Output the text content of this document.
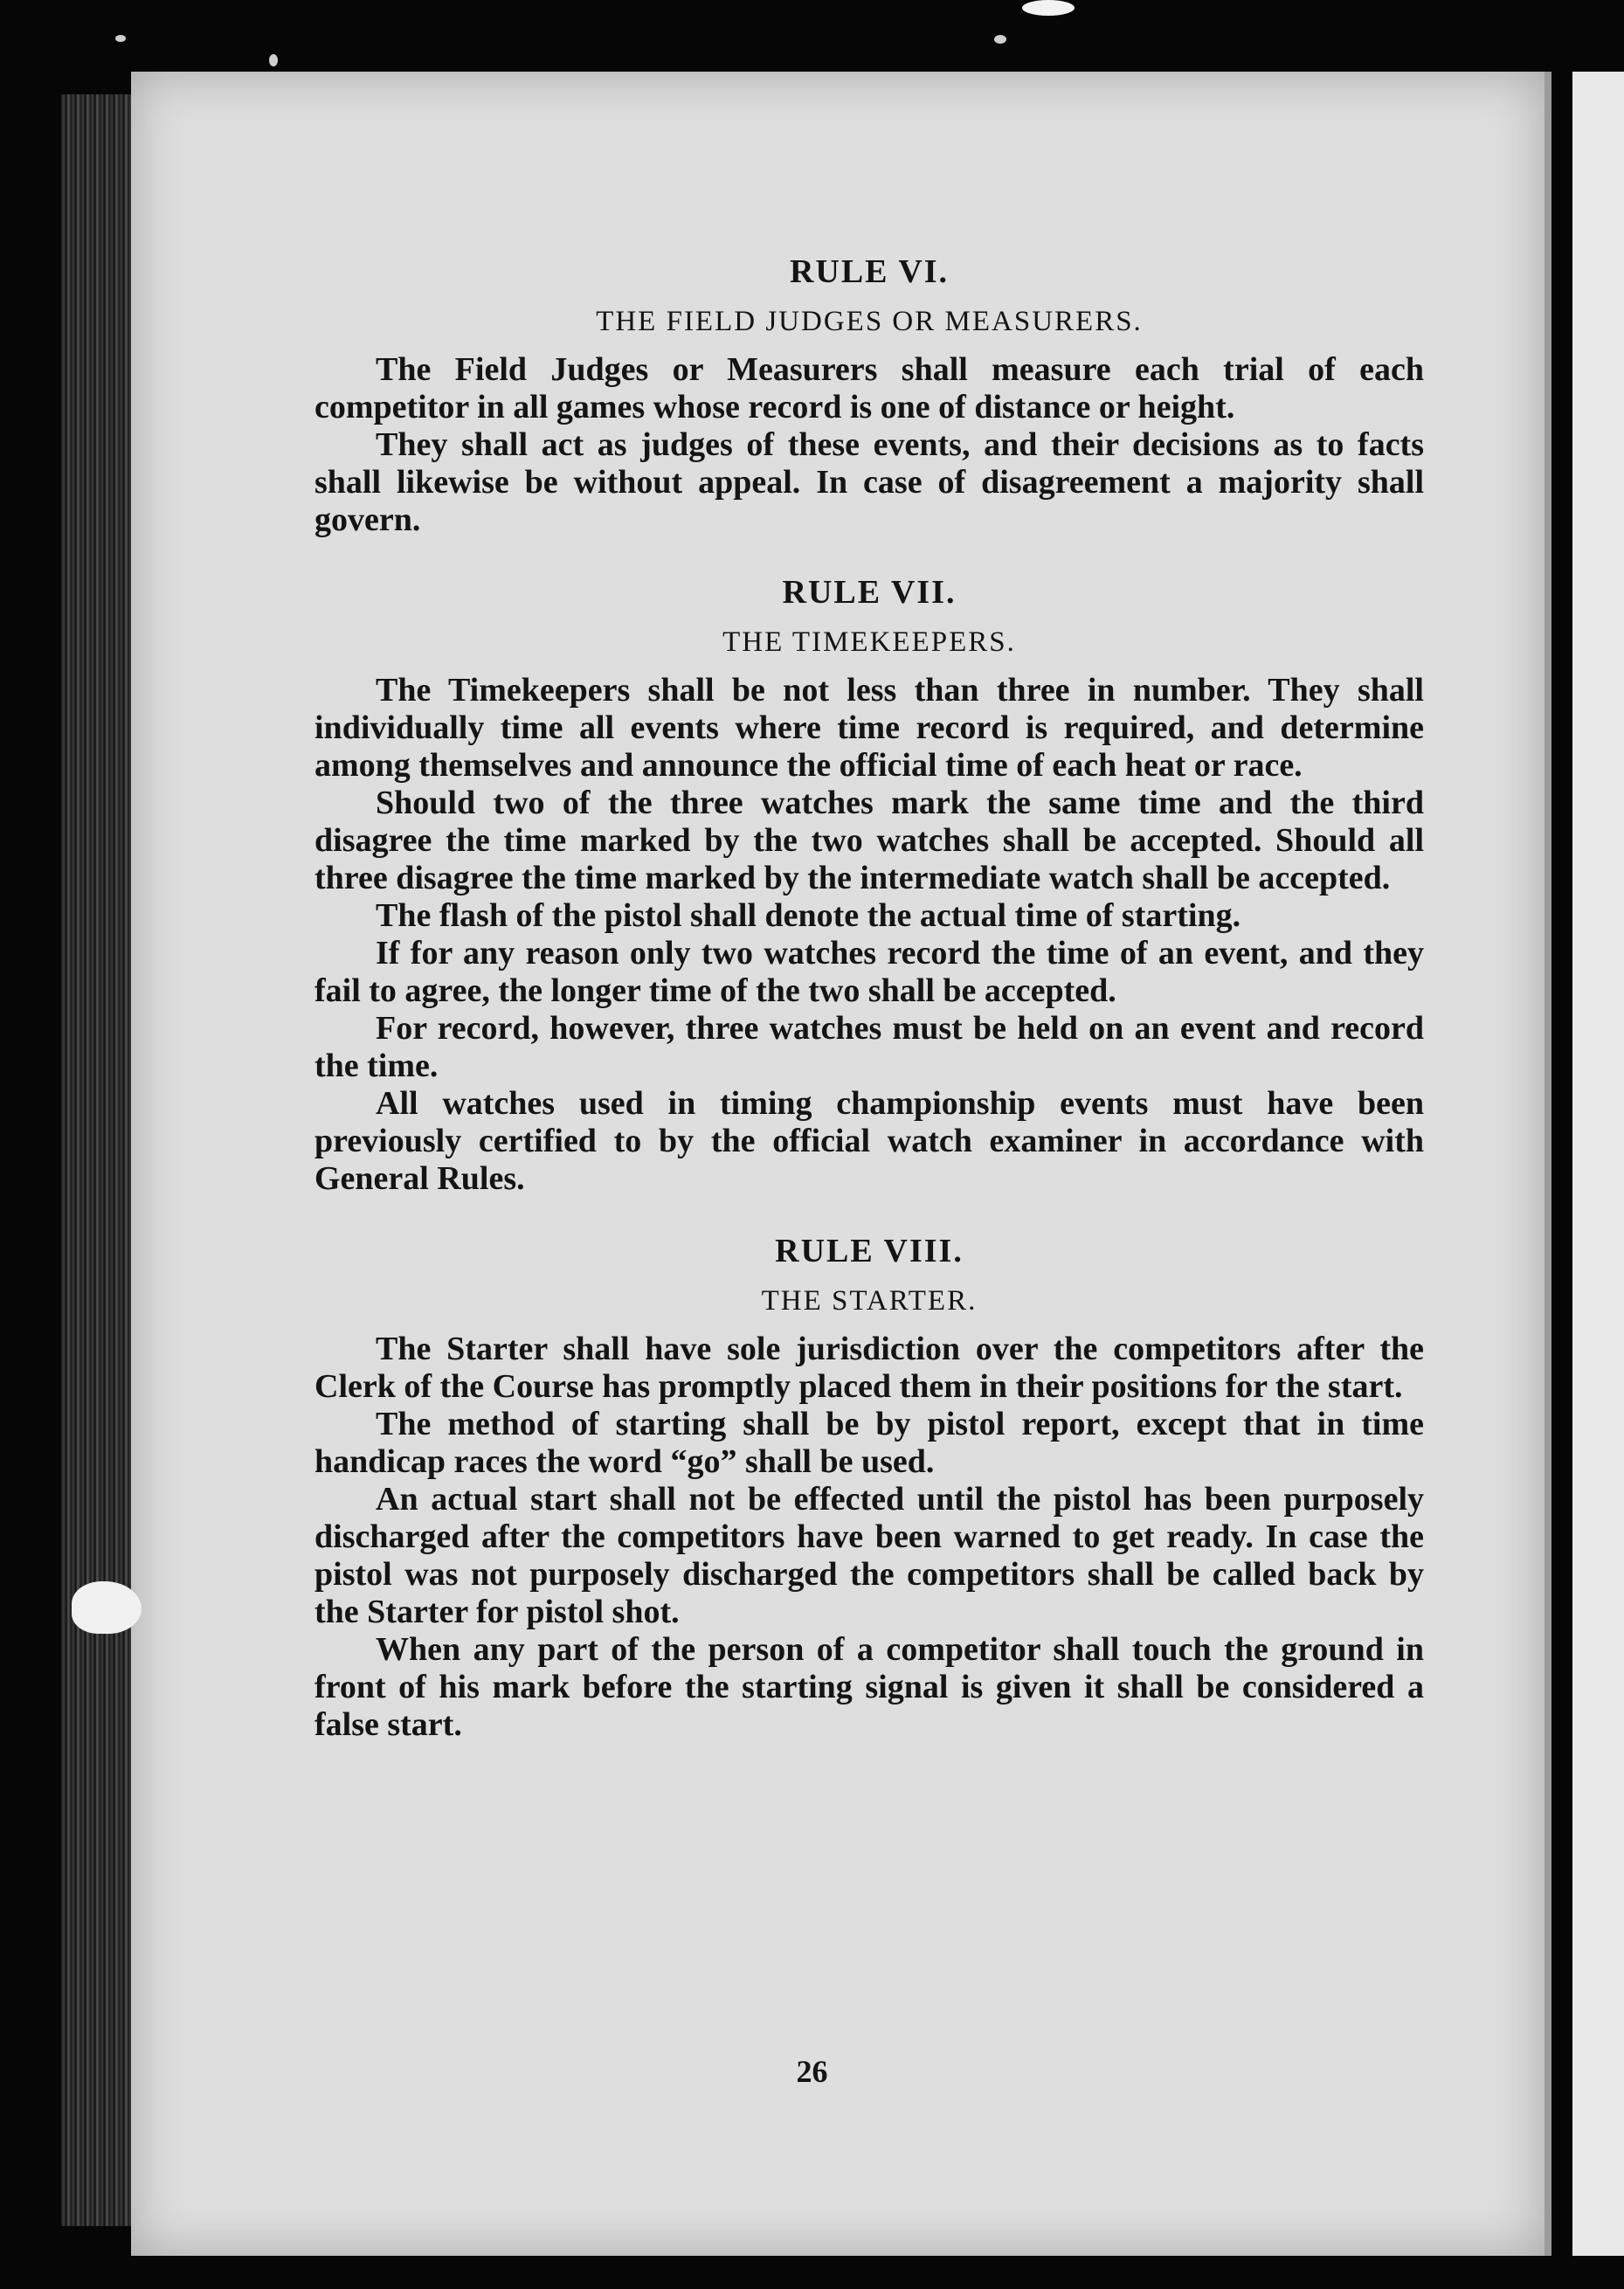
RULE VI.
THE FIELD JUDGES OR MEASURERS.

The Field Judges or Measurers shall measure each trial of each competitor in all games whose record is one of distance or height.

They shall act as judges of these events, and their decisions as to facts shall likewise be without appeal. In case of disagreement a majority shall govern.

RULE VII.
THE TIMEKEEPERS.

The Timekeepers shall be not less than three in number. They shall individually time all events where time record is required, and determine among themselves and announce the official time of each heat or race.

Should two of the three watches mark the same time and the third disagree the time marked by the two watches shall be accepted. Should all three disagree the time marked by the intermediate watch shall be accepted.

The flash of the pistol shall denote the actual time of starting.

If for any reason only two watches record the time of an event, and they fail to agree, the longer time of the two shall be accepted.

For record, however, three watches must be held on an event and record the time.

All watches used in timing championship events must have been previously certified to by the official watch examiner in accordance with General Rules.

RULE VIII.
THE STARTER.

The Starter shall have sole jurisdiction over the competitors after the Clerk of the Course has promptly placed them in their positions for the start.

The method of starting shall be by pistol report, except that in time handicap races the word “go” shall be used.

An actual start shall not be effected until the pistol has been purposely discharged after the competitors have been warned to get ready. In case the pistol was not purposely discharged the competitors shall be called back by the Starter for pistol shot.

When any part of the person of a competitor shall touch the ground in front of his mark before the starting signal is given it shall be considered a false start.

26
